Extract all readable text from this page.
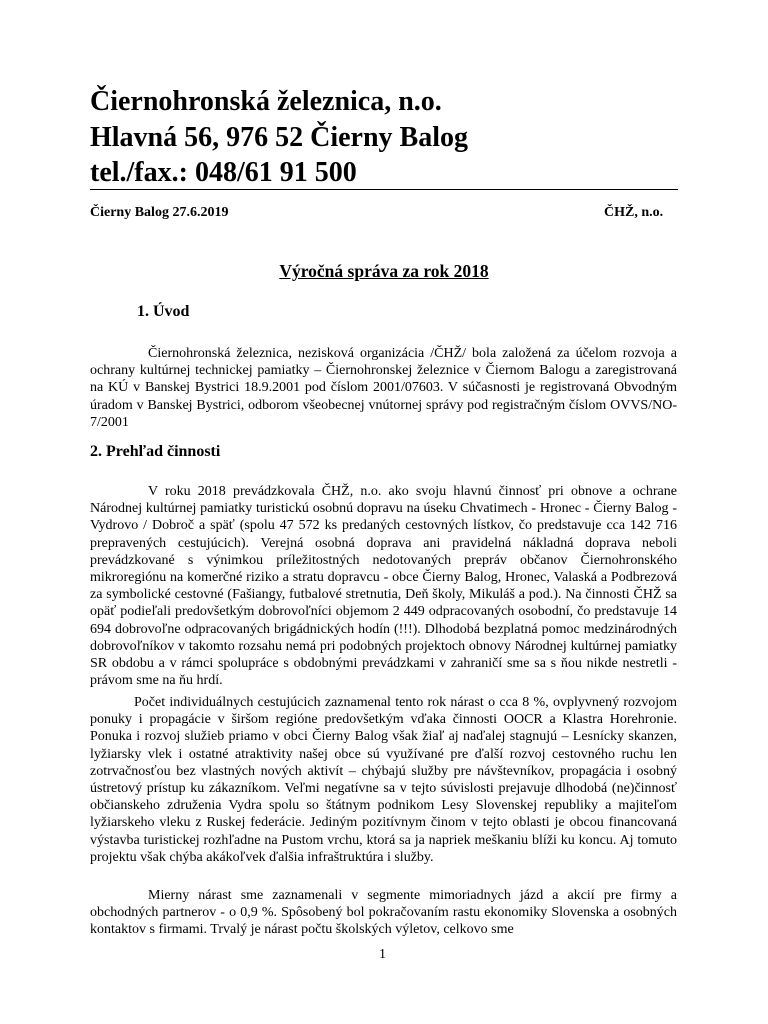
Čiernohronská železnica, n.o.
Hlavná 56, 976 52 Čierny Balog
tel./fax.: 048/61 91 500
Čierny Balog 27.6.2019	ČHŽ, n.o.
Výročná správa za rok 2018
1. Úvod
Čiernohronská železnica, nezisková organizácia /ČHŽ/ bola založená za účelom rozvoja a ochrany kultúrnej technickej pamiatky – Čiernohronskej železnice v Čiernom Balogu a zaregistrovaná na KÚ v Banskej Bystrici 18.9.2001 pod číslom 2001/07603. V súčasnosti je registrovaná Obvodným úradom v Banskej Bystrici, odborom všeobecnej vnútornej správy pod registračným číslom OVVS/NO-7/2001
2. Prehľad činnosti
V roku 2018 prevádzkovala ČHŽ, n.o. ako svoju hlavnú činnosť pri obnove a ochrane Národnej kultúrnej pamiatky turistickú osobnú dopravu na úseku Chvatimech - Hronec - Čierny Balog - Vydrovo / Dobroč a späť (spolu 47 572 ks predaných cestovných lístkov, čo predstavuje cca 142 716 prepravených cestujúcich). Verejná osobná doprava ani pravidelná nákladná doprava neboli prevádzkované s výnimkou príležitostných nedotovaných prepráv občanov Čiernohronského mikroregiónu na komerčné riziko a stratu dopravcu - obce Čierny Balog, Hronec, Valaská a Podbrezová za symbolické cestovné (Fašiangy, futbalové stretnutia, Deň školy, Mikuláš a pod.). Na činnosti ČHŽ sa opäť podieľali predovšetkým dobrovoľníci objemom 2 449 odpracovaných osobodní, čo predstavuje 14 694 dobrovoľne odpracovaných brigádnických hodín (!!!). Dlhodobá bezplatná pomoc medzinárodných dobrovoľníkov v takomto rozsahu nemá pri podobných projektoch obnovy Národnej kultúrnej pamiatky SR obdobu a v rámci spolupráce s obdobnými prevádzkami v zahraničí sme sa s ňou nikde nestretli - právom sme na ňu hrdí.
Počet individuálnych cestujúcich zaznamenal tento rok nárast o cca 8 %, ovplyvnený rozvojom ponuky i propagácie v širšom regióne predovšetkým vďaka činnosti OOCR a Klastra Horehronie. Ponuka i rozvoj služieb priamo v obci Čierny Balog však žiaľ aj naďalej stagnujú – Lesnícky skanzen, lyžiarsky vlek i ostatné atraktivity našej obce sú využívané pre ďalší rozvoj cestovného ruchu len zotrvačnosťou bez vlastných nových aktivít – chýbajú služby pre návštevníkov, propagácia i osobný ústretový prístup ku zákazníkom. Veľmi negatívne sa v tejto súvislosti prejavuje dlhodobá (ne)činnosť občianskeho združenia Vydra spolu so štátnym podnikom Lesy Slovenskej republiky a majiteľom lyžiarskeho vleku z Ruskej federácie. Jediným pozitívnym činom v tejto oblasti je obcou financovaná výstavba turistickej rozhľadne na Pustom vrchu, ktorá sa ja napriek meškaniu blíži ku koncu. Aj tomuto projektu však chýba akákoľvek ďalšia infraštruktúra i služby.
Mierny nárast sme zaznamenali v segmente mimoriadnych jázd a akcií pre firmy a obchodných partnerov - o 0,9 %. Spôsobený bol pokračovaním rastu ekonomiky Slovenska a osobných kontaktov s firmami. Trvalý je nárast počtu školských výletov, celkovo sme
1
